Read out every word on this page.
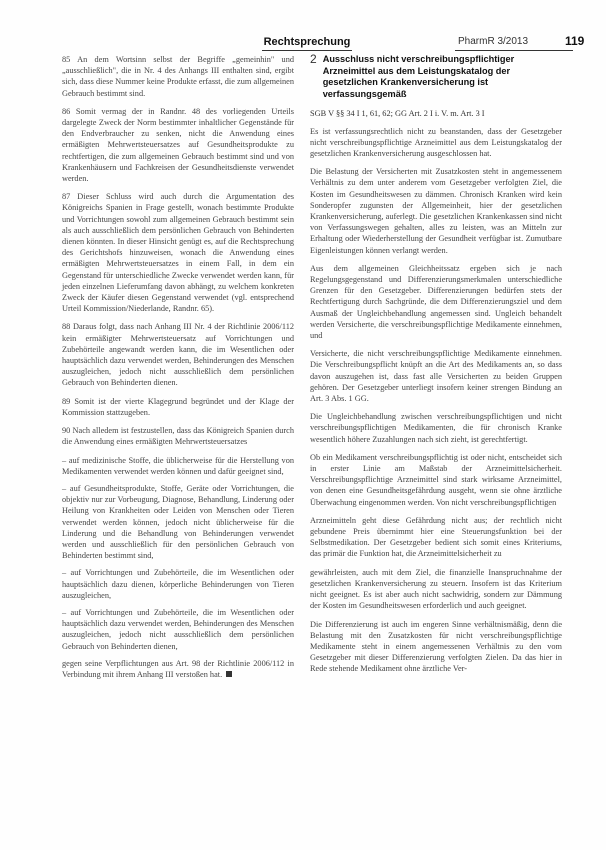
Rechtsprechung	PharmR 3/2013	119

85 An dem Wortsinn selbst der Begriffe „gemeinhin" und „ausschließlich", die in Nr. 4 des Anhangs III enthalten sind, ergibt sich, dass diese Nummer keine Produkte erfasst, die zum allgemeinen Gebrauch bestimmt sind.

86 Somit vermag der in Randnr. 48 des vorliegenden Urteils dargelegte Zweck der Norm bestimmter inhaltlicher Gegenstände für den Endverbraucher zu senken, nicht die Anwendung eines ermäßigten Mehrwertsteuersatzes auf Gesundheitsprodukte zu rechtfertigen, die zum allgemeinen Gebrauch bestimmt sind und von Krankenhäusern und Fachkreisen der Gesundheitsdienste verwendet werden.

87 Dieser Schluss wird auch durch die Argumentation des Königreichs Spanien in Frage gestellt, wonach bestimmte Produkte und Vorrichtungen sowohl zum allgemeinen Gebrauch bestimmt sein als auch ausschließlich dem persönlichen Gebrauch von Behinderten dienen könnten. In dieser Hinsicht genügt es, auf die Rechtsprechung des Gerichtshofs hinzuweisen, wonach die Anwendung eines ermäßigten Mehrwertsteuersatzes in einem Fall, in dem ein Gegenstand für unterschiedliche Zwecke verwendet werden kann, für jeden einzelnen Lieferumfang davon abhängt, zu welchem konkreten Zweck der Käufer diesen Gegenstand verwendet (vgl. entsprechend Urteil Kommission/Niederlande, Randnr. 65).

88 Daraus folgt, dass nach Anhang III Nr. 4 der Richtlinie 2006/112 kein ermäßigter Mehrwertsteuersatz auf Vorrichtungen und Zubehörteile angewandt werden kann, die im Wesentlichen oder hauptsächlich dazu verwendet werden, Behinderungen des Menschen auszugleichen, jedoch nicht ausschließlich dem persönlichen Gebrauch von Behinderten dienen.

89 Somit ist der vierte Klagegrund begründet und der Klage der Kommission stattzugeben.

90 Nach alledem ist festzustellen, dass das Königreich Spanien durch die Anwendung eines ermäßigten Mehrwertsteuersatzes

– auf medizinische Stoffe, die üblicherweise für die Herstellung von Medikamenten verwendet werden können und dafür geeignet sind,

– auf Gesundheitsprodukte, Stoffe, Geräte oder Vorrichtungen, die objektiv nur zur Vorbeugung, Diagnose, Behandlung, Linderung oder Heilung von Krankheiten oder Leiden von Menschen oder Tieren verwendet werden können, jedoch nicht üblicherweise für die Linderung und die Behandlung von Behinderungen verwendet werden und ausschließlich für den persönlichen Gebrauch von Behinderten bestimmt sind,

– auf Vorrichtungen und Zubehörteile, die im Wesentlichen oder hauptsächlich dazu dienen, körperliche Behinderungen von Tieren auszugleichen,

– auf Vorrichtungen und Zubehörteile, die im Wesentlichen oder hauptsächlich dazu verwendet werden, Behinderungen des Menschen auszugleichen, jedoch nicht ausschließlich dem persönlichen Gebrauch von Behinderten dienen,

gegen seine Verpflichtungen aus Art. 98 der Richtlinie 2006/112 in Verbindung mit ihrem Anhang III verstoßen hat.

2 Ausschluss nicht verschreibungspflichtiger Arzneimittel aus dem Leistungskatalog der gesetzlichen Krankenversicherung ist verfassungsgemäß

SGB V §§ 34 I 1, 61, 62; GG Art. 2 I i. V. m. Art. 3 I

Es ist verfassungsrechtlich nicht zu beanstanden, dass der Gesetzgeber nicht verschreibungspflichtige Arzneimittel aus dem Leistungskatalog der gesetzlichen Krankenversicherung ausgeschlossen hat.

Die Belastung der Versicherten mit Zusatzkosten steht in angemessenem Verhältnis zu dem unter anderem vom Gesetzgeber verfolgten Ziel, die Kosten im Gesundheitswesen zu dämmen. Chronisch Kranken wird kein Sonderopfer zugunsten der Allgemeinheit, hier der gesetzlichen Krankenversicherung, auferlegt. Die gesetzlichen Krankenkassen sind nicht von Verfassungswegen gehalten, alles zu leisten, was an Mitteln zur Erhaltung oder Wiederherstellung der Gesundheit verfügbar ist. Zumutbare Eigenleistungen können verlangt werden.

Aus dem allgemeinen Gleichheitssatz ergeben sich je nach Regelungsgegenstand und Differenzierungsmerkmalen unterschiedliche Grenzen für den Gesetzgeber. Differenzierungen bedürfen stets der Rechtfertigung durch Sachgründe, die dem Differenzierungsziel und dem Ausmaß der Ungleichbehandlung angemessen sind. Ungleich behandelt werden Versicherte, die verschreibungspflichtige Medikamente einnehmen, und

Versicherte, die nicht verschreibungspflichtige Medikamente einnehmen. Die Verschreibungspflicht knüpft an die Art des Medikaments an, so dass davon auszugehen ist, dass fast alle Versicherten zu beiden Gruppen gehören. Der Gesetzgeber unterliegt insofern keiner strengen Bindung an Art. 3 Abs. 1 GG.

Die Ungleichbehandlung zwischen verschreibungspflichtigen und nicht verschreibungspflichtigen Medikamenten, die für chronisch Kranke wesentlich höhere Zuzahlungen nach sich zieht, ist gerechtfertigt.

Ob ein Medikament verschreibungspflichtig ist oder nicht, entscheidet sich in erster Linie am Maßstab der Arzneimittelsicherheit. Verschreibungspflichtige Arzneimittel sind stark wirksame Arzneimittel, von denen eine Gesundheitsgefährdung ausgeht, wenn sie ohne ärztliche Überwachung eingenommen werden. Von nicht verschreibungspflichtigen

Arzneimitteln geht diese Gefährdung nicht aus; der rechtlich nicht gebundene Preis übernimmt hier eine Steuerungsfunktion bei der Selbstmedikation. Der Gesetzgeber bedient sich somit eines Kriteriums, das primär die Funktion hat, die Arzneimittelsicherheit zu

gewährleisten, auch mit dem Ziel, die finanzielle Inanspruchnahme der gesetzlichen Krankenversicherung zu steuern. Insofern ist das Kriterium nicht geeignet. Es ist aber auch nicht sachwidrig, sondern zur Dämmung der Kosten im Gesundheitswesen erforderlich und auch geeignet.

Die Differenzierung ist auch im engeren Sinne verhältnismäßig, denn die Belastung mit den Zusatzkosten für nicht verschreibungspflichtige Medikamente steht in einem angemessenen Verhältnis zu den vom Gesetzgeber mit dieser Differenzierung verfolgten Zielen. Da das hier in Rede stehende Medikament ohne ärztliche Ver-
